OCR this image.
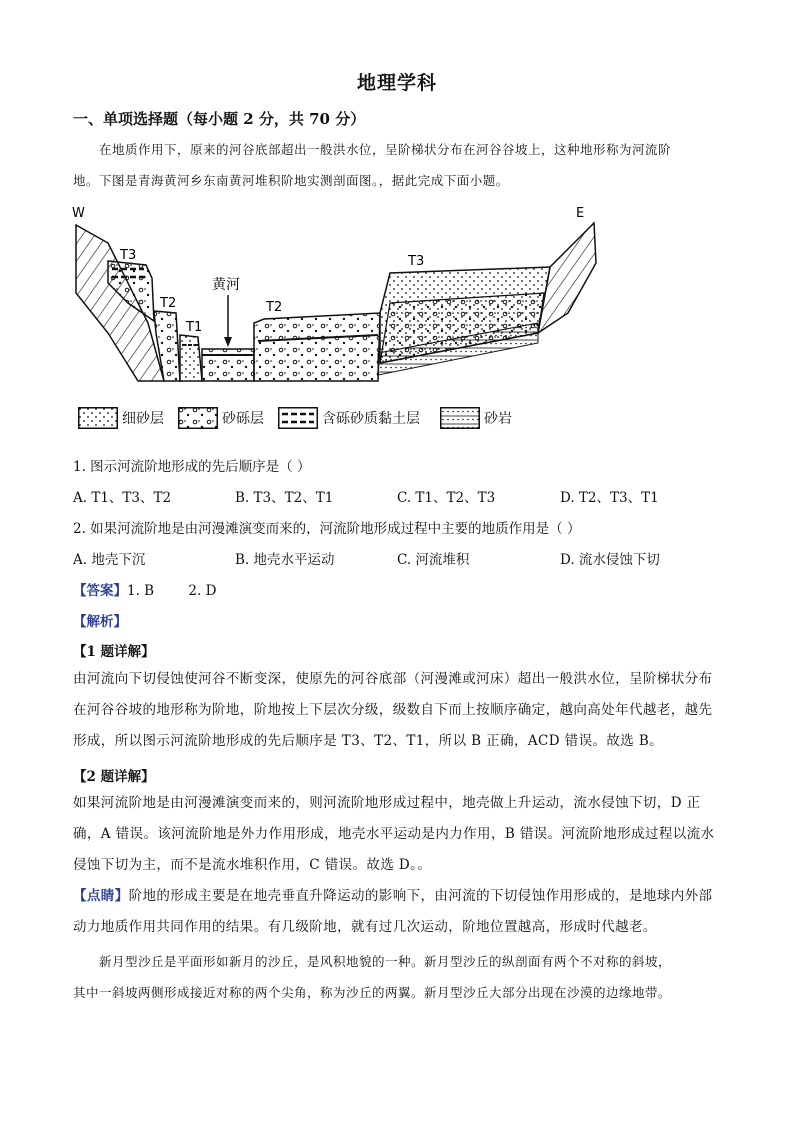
地理学科
一、单项选择题（每小题 2 分，共 70 分）
在地质作用下，原来的河谷底部超出一般洪水位，呈阶梯状分布在河谷谷坡上，这种地形称为河流阶
地。下图是青海黄河乡东南黄河堆积阶地实测剖面图。，据此完成下面小题。
W	E
T3
T2
T1
黄河
T2
T3
细砂层	砂砾层	含砾砂质黏土层	砂岩
1. 图示河流阶地形成的先后顺序是（ ）
A. T1、T3、T2	B. T3、T2、T1	C. T1、T2、T3	D. T2、T3、T1
2. 如果河流阶地是由河漫滩演变而来的，河流阶地形成过程中主要的地质作用是（ ）
A. 地壳下沉	B. 地壳水平运动	C. 河流堆积	D. 流水侵蚀下切
【答案】1. B        2. D
【解析】
【1 题详解】
由河流向下切侵蚀使河谷不断变深，使原先的河谷底部（河漫滩或河床）超出一般洪水位，呈阶梯状分布
在河谷谷坡的地形称为阶地，阶地按上下层次分级，级数自下而上按顺序确定，越向高处年代越老，越先
形成，所以图示河流阶地形成的先后顺序是 T3、T2、T1，所以 B 正确，ACD 错误。故选 B。
【2 题详解】
如果河流阶地是由河漫滩演变而来的，则河流阶地形成过程中，地壳做上升运动，流水侵蚀下切，D 正
确，A 错误。该河流阶地是外力作用形成，地壳水平运动是内力作用，B 错误。河流阶地形成过程以流水
侵蚀下切为主，而不是流水堆积作用，C 错误。故选 D。。
【点睛】阶地的形成主要是在地壳垂直升降运动的影响下，由河流的下切侵蚀作用形成的，是地球内外部
动力地质作用共同作用的结果。有几级阶地，就有过几次运动，阶地位置越高，形成时代越老。
新月型沙丘是平面形如新月的沙丘，是风积地貌的一种。新月型沙丘的纵剖面有两个不对称的斜坡，
其中一斜坡两侧形成接近对称的两个尖角，称为沙丘的两翼。新月型沙丘大部分出现在沙漠的边缘地带。
